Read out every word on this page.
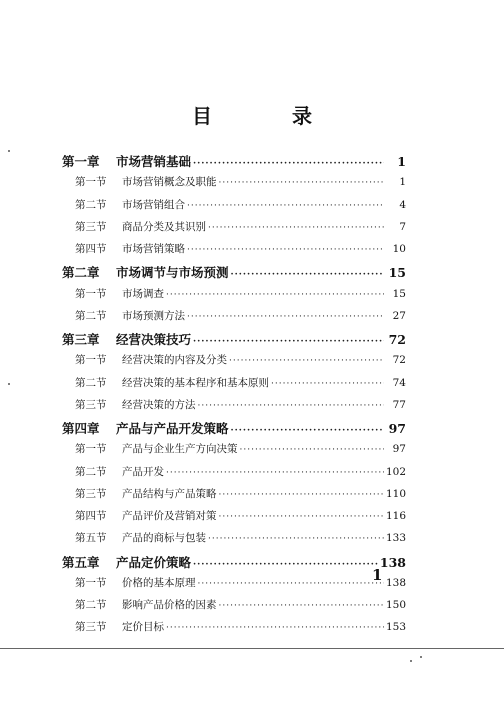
目　录
第一章	市场营销基础 ·····	1
第一节	市场营销概念及职能 ·····	1
第二节	市场营销组合 ·····	4
第三节	商品分类及其识别 ·····	7
第四节	市场营销策略 ·····	10
第二章	市场调节与市场预测 ·····	15
第一节	市场调查 ·····	15
第二节	市场预测方法 ·····	27
第三章	经营决策技巧 ·····	72
第一节	经营决策的内容及分类 ·····	72
第二节	经营决策的基本程序和基本原则 ·····	74
第三节	经营决策的方法 ·····	77
第四章	产品与产品开发策略 ·····	97
第一节	产品与企业生产方向决策 ·····	97
第二节	产品开发 ·····	102
第三节	产品结构与产品策略 ·····	110
第四节	产品评价及营销对策 ·····	116
第五节	产品的商标与包装 ·····	133
第五章	产品定价策略 ·····	138
第一节	价格的基本原理 ·····	138
第二节	影响产品价格的因素 ·····	150
第三节	定价目标 ·····	153
1
